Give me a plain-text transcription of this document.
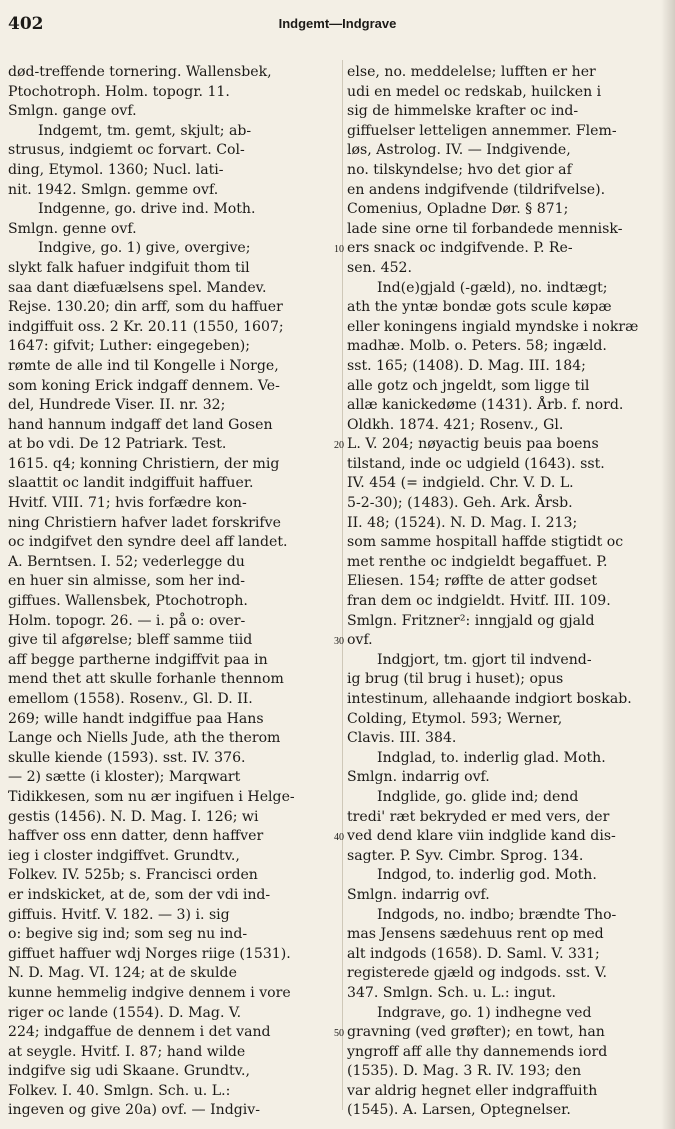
402	Indgemt—Indgrave
død-treffende tornering. Wallensbek,
Ptochotroph. Holm. topogr. 11.
Smlgn. gange ovf.
Indgemt, tm. gemt, skjult; ab-
strusus, indgiemt oc forvart. Col-
ding, Etymol. 1360; Nucl. lati-
nit. 1942. Smlgn. gemme ovf.
Indgenne, go. drive ind. Moth.
Smlgn. genne ovf.
Indgive, go. 1) give, overgive;
slykt falk hafuer indgifuit thom til
saa dant diæfuælsens spel. Mandev.
Rejse. 130.20; din arff, som du haffuer
indgiffuit oss. 2 Kr. 20.11 (1550, 1607;
1647: gifvit; Luther: eingegeben);
rømte de alle ind til Kongelle i Norge,
som koning Erick indgaff dennem. Ve-
del, Hundrede Viser. II. nr. 32;
hand hannum indgaff det land Gosen
at bo vdi. De 12 Patriark. Test.
1615. q4; konning Christiern, der mig
slaattit oc landit indgiffuit haffuer.
Hvitf. VIII. 71; hvis forfædre kon-
ning Christiern hafver ladet forskrifve
oc indgifvet den syndre deel aff landet.
A. Berntsen. I. 52; vederlegge du
en huer sin almisse, som her ind-
giffues. Wallensbek, Ptochotroph.
Holm. topogr. 26. — i. på o: over-
give til afgørelse; bleff samme tiid
aff begge partherne indgiffvit paa in
mend thet att skulle forhanle thennom
emellom (1558). Rosenv., Gl. D. II.
269; wille handt indgiffue paa Hans
Lange och Niells Jude, ath the therom
skulle kiende (1593). sst. IV. 376.
— 2) sætte (i kloster); Marqwart
Tidikkesen, som nu ær ingifuen i Helge-
gestis (1456). N. D. Mag. I. 126; wi
haffver oss enn datter, denn haffver
ieg i closter indgiffvet. Grundtv.,
Folkev. IV. 525b; s. Francisci orden
er indskicket, at de, som der vdi ind-
giffuis. Hvitf. V. 182. — 3) i. sig
o: begive sig ind; som seg nu ind-
giffuet haffuer wdj Norges riige (1531).
N. D. Mag. VI. 124; at de skulde
kunne hemmelig indgive dennem i vore
riger oc lande (1554). D. Mag. V.
224; indgaffue de dennem i det vand
at seygle. Hvitf. I. 87; hand wilde
indgifve sig udi Skaane. Grundtv.,
Folkev. I. 40. Smlgn. Sch. u. L.:
ingeven og give 20a) ovf. — Indgiv-
else, no. meddelelse; lufften er her
udi en medel oc redskab, huilcken i
sig de himmelske krafter oc ind-
giffuelser letteligen annemmer. Flem-
løs, Astrolog. IV. — Indgivende,
no. tilskyndelse; hvo det gior af
en andens indgifvende (tildrifvelse).
Comenius, Opladne Dør. § 871;
lade sine orne til forbandede mennisk-
ers snack oc indgifvende. P. Re-
sen. 452.
Ind(e)gjald (-gæld), no. indtægt;
ath the yntæ bondæ gots scule køpæ
eller koningens ingiald myndske i nokræ
madhæ. Molb. o. Peters. 58; ingæld.
sst. 165; (1408). D. Mag. III. 184;
alle gotz och jngeldt, som ligge til
allæ kanickedøme (1431). Årb. f. nord.
Oldkh. 1874. 421; Rosenv., Gl.
L. V. 204; nøyactig beuis paa boens
tilstand, inde oc udgield (1643). sst.
IV. 454 (= indgield. Chr. V. D. L.
5-2-30); (1483). Geh. Ark. Årsb.
II. 48; (1524). N. D. Mag. I. 213;
som samme hospitall haffde stigtidt oc
met renthe oc indgieldt begaffuet. P.
Eliesen. 154; røffte de atter godset
fran dem oc indgieldt. Hvitf. III. 109.
Smlgn. Fritzner²: inngjald og gjald
ovf.
Indgjort, tm. gjort til indvend-
ig brug (til brug i huset); opus
intestinum, allehaande indgiort boskab.
Colding, Etymol. 593; Werner,
Clavis. III. 384.
Indglad, to. inderlig glad. Moth.
Smlgn. indarrig ovf.
Indglide, go. glide ind; dend
tredi' ræt bekryded er med vers, der
ved dend klare viin indglide kand dis-
sagter. P. Syv. Cimbr. Sprog. 134.
Indgod, to. inderlig god. Moth.
Smlgn. indarrig ovf.
Indgods, no. indbo; brændte Tho-
mas Jensens sædehuus rent op med
alt indgods (1658). D. Saml. V. 331;
registerede gjæld og indgods. sst. V.
347. Smlgn. Sch. u. L.: ingut.
Indgrave, go. 1) indhegne ved
gravning (ved grøfter); en towt, han
yngroff aff alle thy dannemends iord
(1535). D. Mag. 3 R. IV. 193; den
var aldrig hegnet eller indgraffuith
(1545). A. Larsen, Optegnelser.
10
20
30
40
50
